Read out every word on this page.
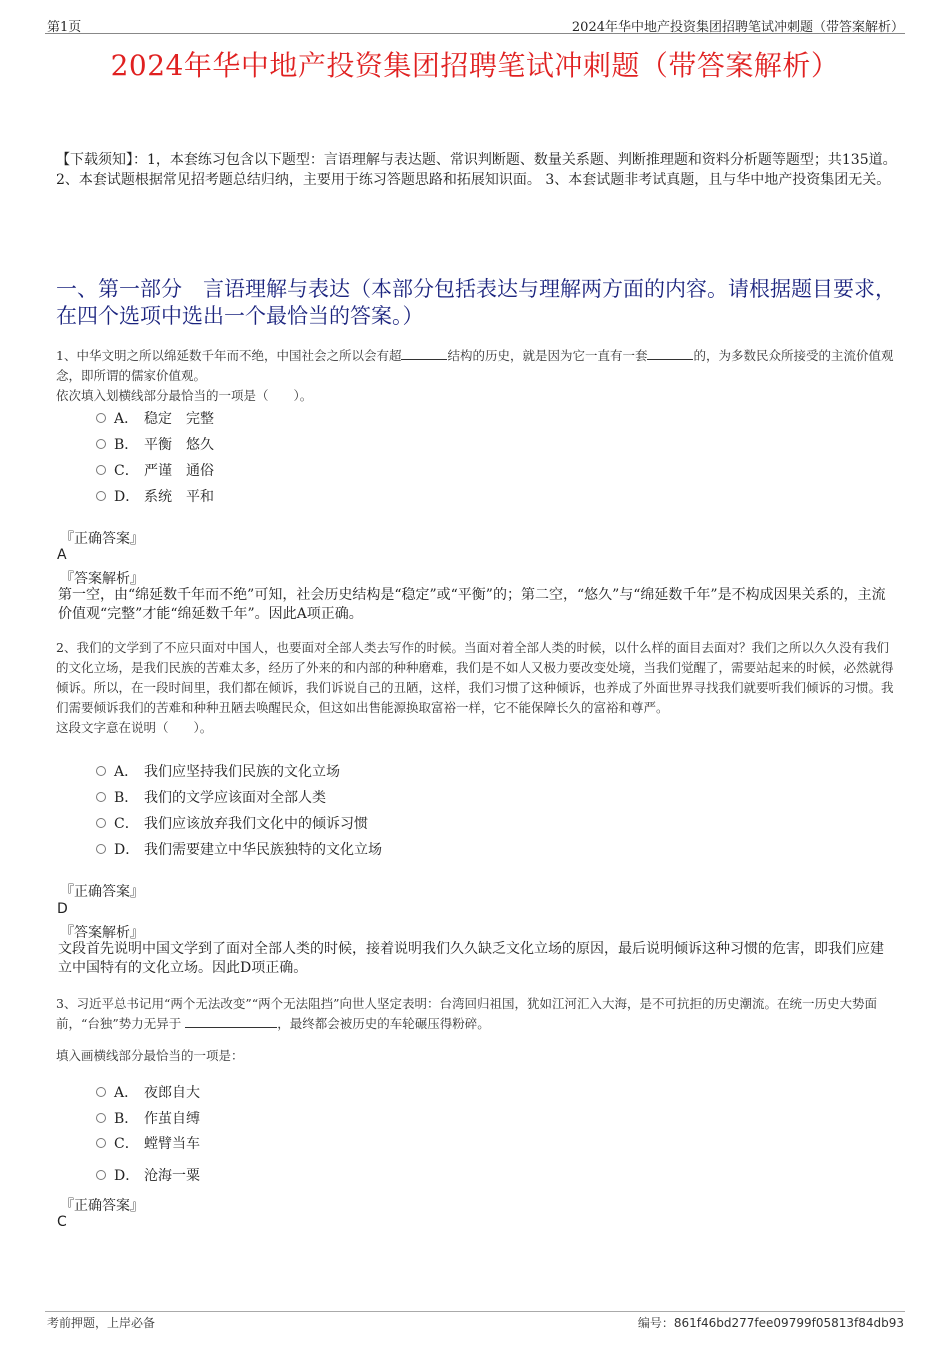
第1页	2024年华中地产投资集团招聘笔试冲刺题（带答案解析）
2024年华中地产投资集团招聘笔试冲刺题（带答案解析）
【下载须知】：1，本套练习包含以下题型：言语理解与表达题、常识判断题、数量关系题、判断推理题和资料分析题等题型；共135道。 2、本套试题根据常见招考题总结归纳，主要用于练习答题思路和拓展知识面。 3、本套试题非考试真题，且与华中地产投资集团无关。
一、第一部分　言语理解与表达（本部分包括表达与理解两方面的内容。请根据题目要求，在四个选项中选出一个最恰当的答案。）

1、中华文明之所以绵延数千年而不绝，中国社会之所以会有超	结构的历史，就是因为它一直有一套	的，为多数民众所接受的主流价值观念，即所谓的儒家价值观。

依次填入划横线部分最恰当的一项是（　　）。

A． 稳定　完整
B． 平衡　悠久
C． 严谨　通俗
D． 系统　平和
『正确答案』
A
『答案解析』
第一空，由“绵延数千年而不绝”可知，社会历史结构是“稳定”或“平衡”的；第二空，“悠久”与“绵延数千年”是不构成因果关系的，主流价值观“完整”才能“绵延数千年”。因此A项正确。

2、我们的文学到了不应只面对中国人，也要面对全部人类去写作的时候。当面对着全部人类的时候，以什么样的面目去面对？我们之所以久久没有我们的文化立场，是我们民族的苦难太多，经历了外来的和内部的种种磨难，我们是不如人又极力要改变处境，当我们觉醒了，需要站起来的时候，必然就得倾诉。所以，在一段时间里，我们都在倾诉，我们诉说自己的丑陋，这样，我们习惯了这种倾诉，也养成了外面世界寻找我们就要听我们倾诉的习惯。我们需要倾诉我们的苦难和种种丑陋去唤醒民众，但这如出售能源换取富裕一样，它不能保障长久的富裕和尊严。

这段文字意在说明（　　）。

A． 我们应坚持我们民族的文化立场
B． 我们的文学应该面对全部人类
C． 我们应该放弃我们文化中的倾诉习惯
D． 我们需要建立中华民族独特的文化立场
『正确答案』
D
『答案解析』
文段首先说明中国文学到了面对全部人类的时候，接着说明我们久久缺乏文化立场的原因，最后说明倾诉这种习惯的危害，即我们应建立中国特有的文化立场。因此D项正确。

3、习近平总书记用“两个无法改变”“两个无法阻挡”向世人坚定表明：台湾回归祖国，犹如江河汇入大海，是不可抗拒的历史潮流。在统一历史大势面前，“台独”势力无异于	，最终都会被历史的车轮碾压得粉碎。

填入画横线部分最恰当的一项是：

A． 夜郎自大
B． 作茧自缚
C． 螳臂当车
D． 沧海一粟
『正确答案』
C
考前押题，上岸必备	编号：861f46bd277fee09799f05813f84db93
